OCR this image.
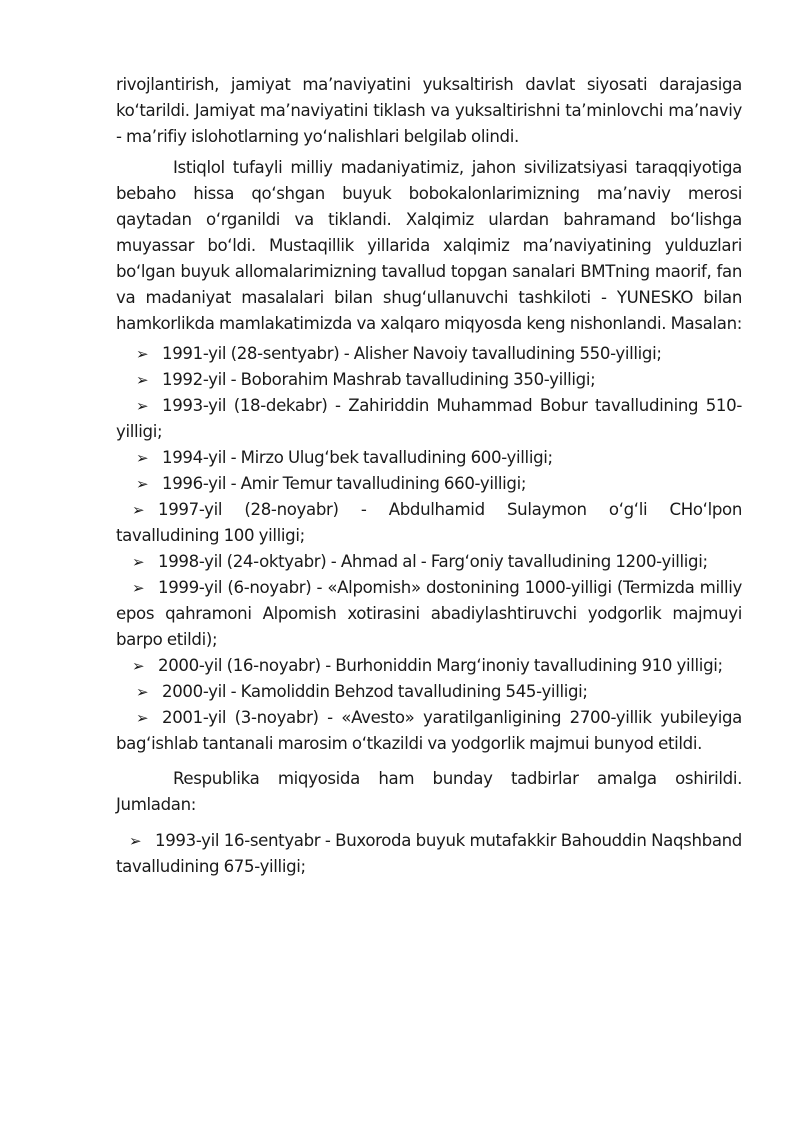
rivojlantirish, jamiyat ma’naviyatini yuksaltirish davlat siyosati darajasiga ko‘tarildi. Jamiyat ma’naviyatini tiklash va yuksaltirishni ta’minlovchi ma’naviy - ma’rifiy islohotlarning yo‘nalishlari belgilab olindi.

Istiqlol tufayli milliy madaniyatimiz, jahon sivilizatsiyasi taraqqiyotiga bebaho hissa qo‘shgan buyuk bobokalonlarimizning ma’naviy merosi qaytadan o‘rganildi va tiklandi. Xalqimiz ulardan bahramand bo‘lishga muyassar bo‘ldi. Mustaqillik yillarida xalqimiz ma’naviyatining yulduzlari bo‘lgan buyuk allomalarimizning tavallud topgan sanalari BMTning maorif, fan va madaniyat masalalari bilan shug‘ullanuvchi tashkiloti - YUNESKO bilan hamkorlikda mamlakatimizda va xalqaro miqyosda keng nishonlandi. Masalan:

➢ 1991-yil (28-sentyabr) - Alisher Navoiy tavalludining 550-yilligi;

➢ 1992-yil - Boborahim Mashrab tavalludining 350-yilligi;

➢ 1993-yil (18-dekabr) - Zahiriddin Muhammad Bobur tavalludining 510-yilligi;

➢ 1994-yil - Mirzo Ulug‘bek tavalludining 600-yilligi;

➢ 1996-yil - Amir Temur tavalludining 660-yilligi;

➢ 1997-yil (28-noyabr) - Abdulhamid Sulaymon o‘g‘li CHo‘lpon tavalludining 100 yilligi;

➢ 1998-yil (24-oktyabr) - Ahmad al - Farg‘oniy tavalludining 1200-yilligi;

➢ 1999-yil (6-noyabr) - «Alpomish» dostonining 1000-yilligi (Termizda milliy epos qahramoni Alpomish xotirasini abadiylashtiruvchi yodgorlik majmuyi barpo etildi);

➢ 2000-yil (16-noyabr) - Burhoniddin Marg‘inoniy tavalludining 910 yilligi;

➢ 2000-yil - Kamoliddin Behzod tavalludining 545-yilligi;

➢ 2001-yil (3-noyabr) - «Avesto» yaratilganligining 2700-yillik yubileyiga bag‘ishlab tantanali marosim o‘tkazildi va yodgorlik majmui bunyod etildi.

Respublika miqyosida ham bunday tadbirlar amalga oshirildi. Jumladan:

➢ 1993-yil 16-sentyabr - Buxoroda buyuk mutafakkir Bahouddin Naqshband tavalludining 675-yilligi;
